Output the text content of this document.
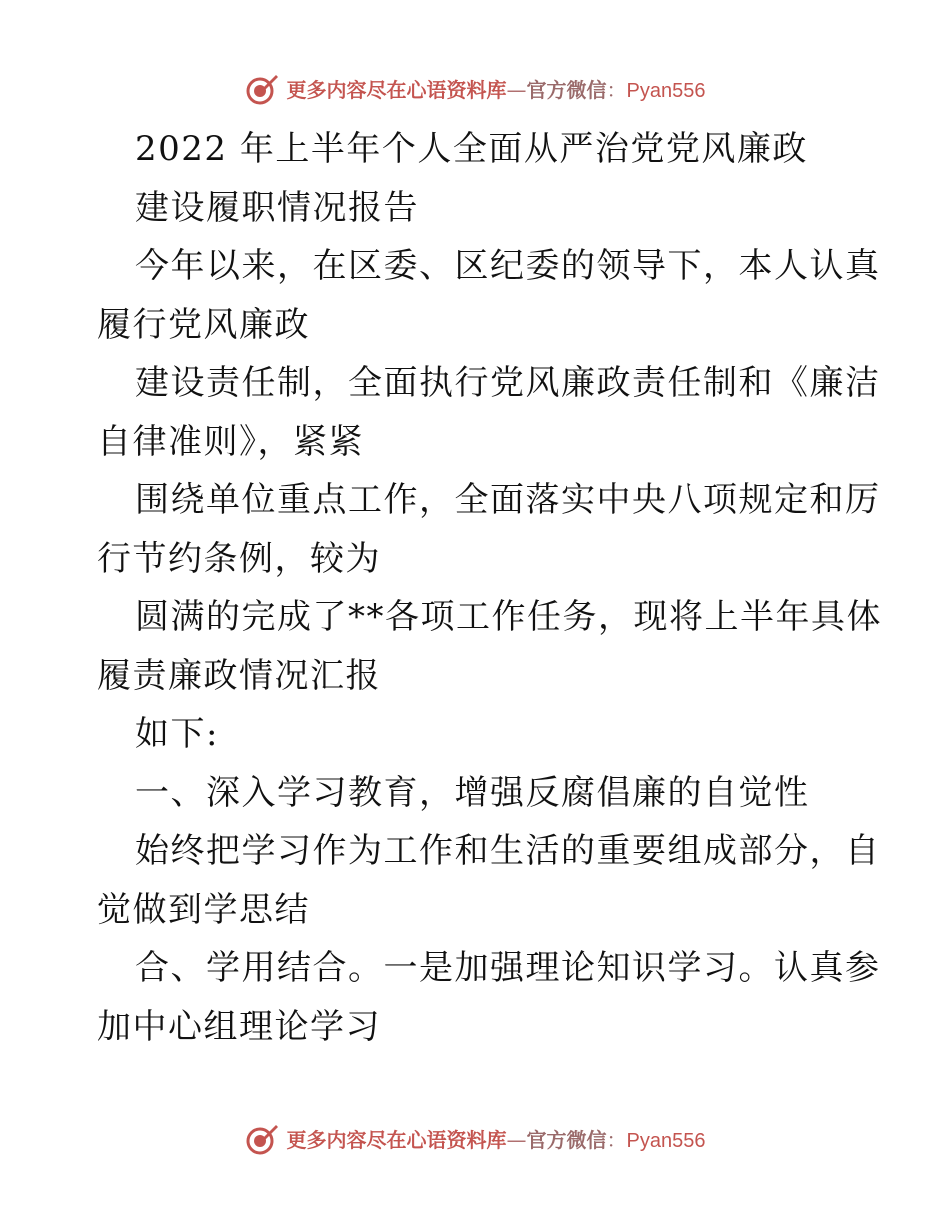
更多内容尽在心语资料库—官方微信：Pyan556
2022 年上半年个人全面从严治党党风廉政
建设履职情况报告
今年以来，在区委、区纪委的领导下，本人认真
履行党风廉政
建设责任制，全面执行党风廉政责任制和《廉洁
自律准则》，紧紧
围绕单位重点工作，全面落实中央八项规定和厉
行节约条例，较为
圆满的完成了**各项工作任务，现将上半年具体
履责廉政情况汇报
如下:
一、深入学习教育，增强反腐倡廉的自觉性
始终把学习作为工作和生活的重要组成部分，自
觉做到学思结
合、学用结合。一是加强理论知识学习。认真参
加中心组理论学习
更多内容尽在心语资料库—官方微信：Pyan556
